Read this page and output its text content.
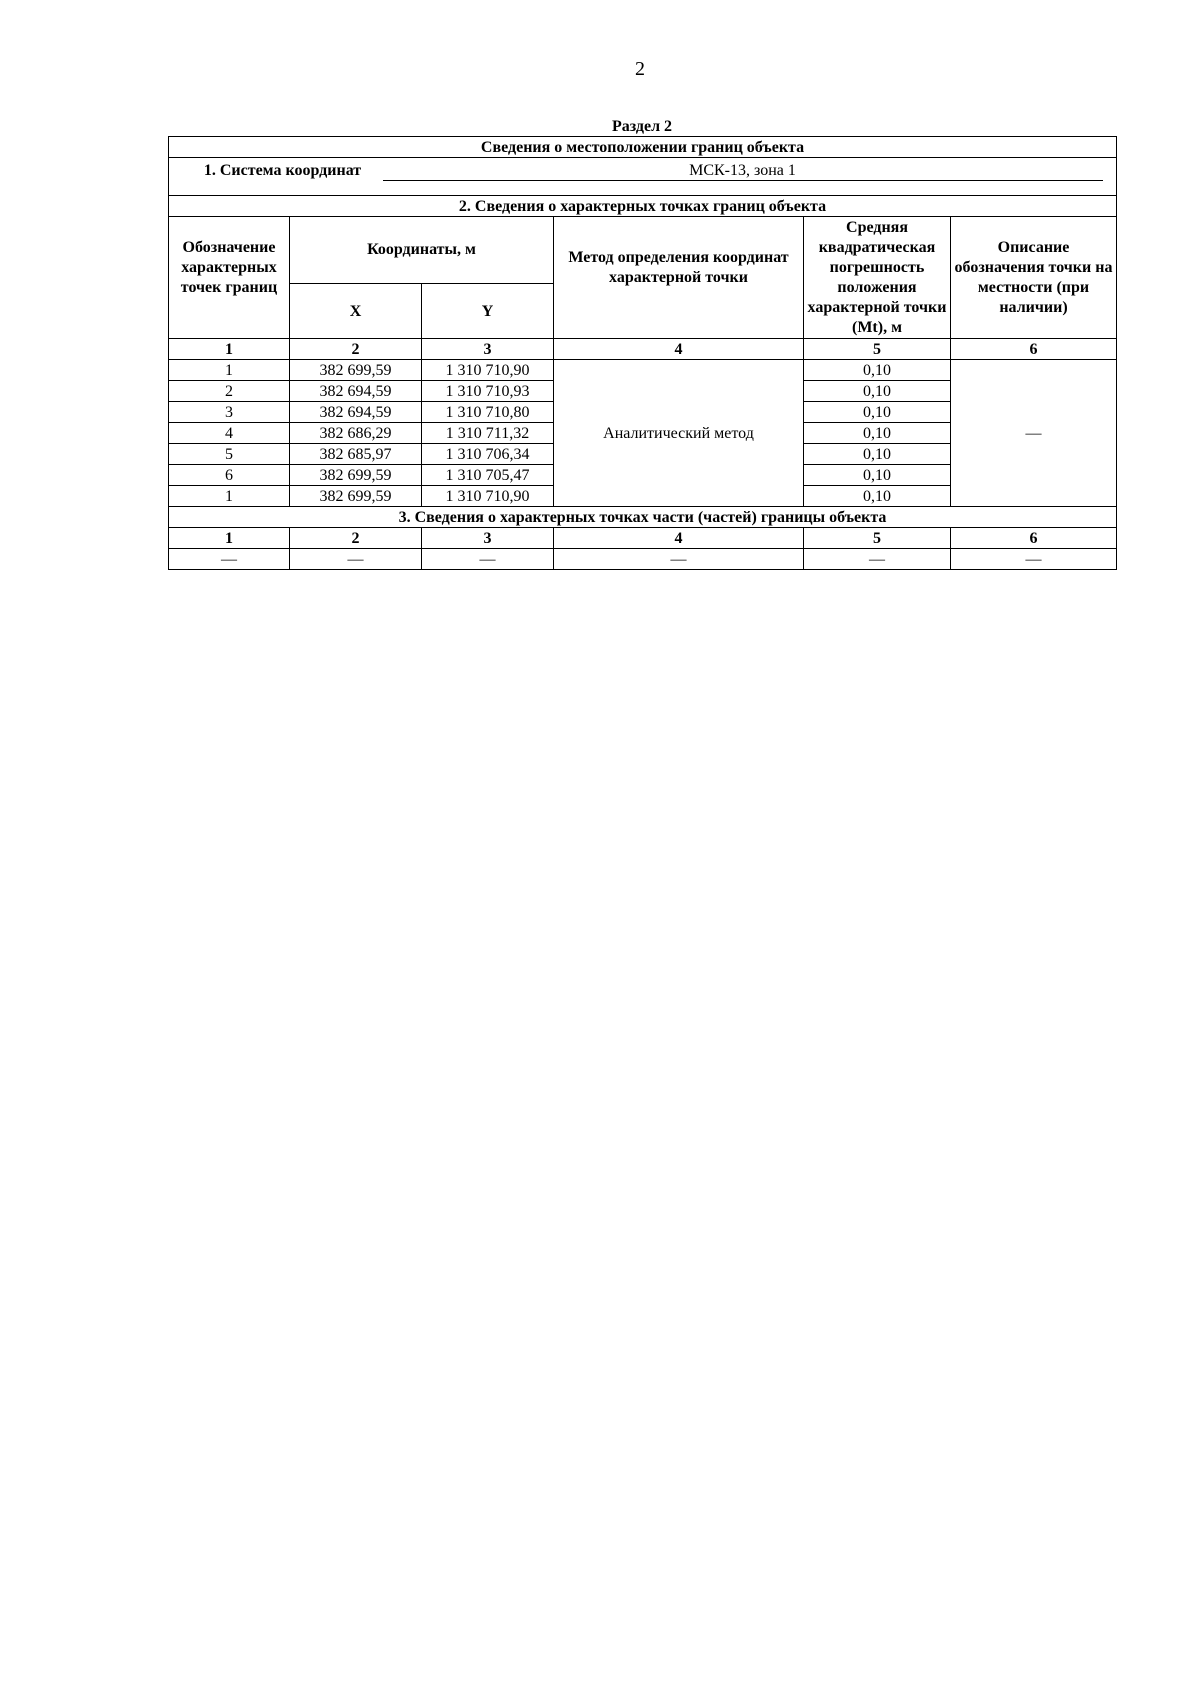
2
Раздел 2
Сведения о местоположении границ объекта					
1. Система координат МСК-13, зона 1					
2. Сведения о характерных точках границ объекта					
Обозначение характерных точек границ	Координаты, м		Метод определения координат характерной точки	Средняя квадратическая погрешность положения характерной точки (Mt), м	Описание обозначения точки на местности (при наличии)
	X	Y			
1	2	3	4	5	6
1	382 699,59	1 310 710,90	Аналитический метод	0,10	—
2	382 694,59	1 310 710,93		0,10	
3	382 694,59	1 310 710,80		0,10	
4	382 686,29	1 310 711,32		0,10	
5	382 685,97	1 310 706,34		0,10	
6	382 699,59	1 310 705,47		0,10	
1	382 699,59	1 310 710,90		0,10	
3. Сведения о характерных точках части (частей) границы объекта					
1	2	3	4	5	6
—	—	—	—	—	—
